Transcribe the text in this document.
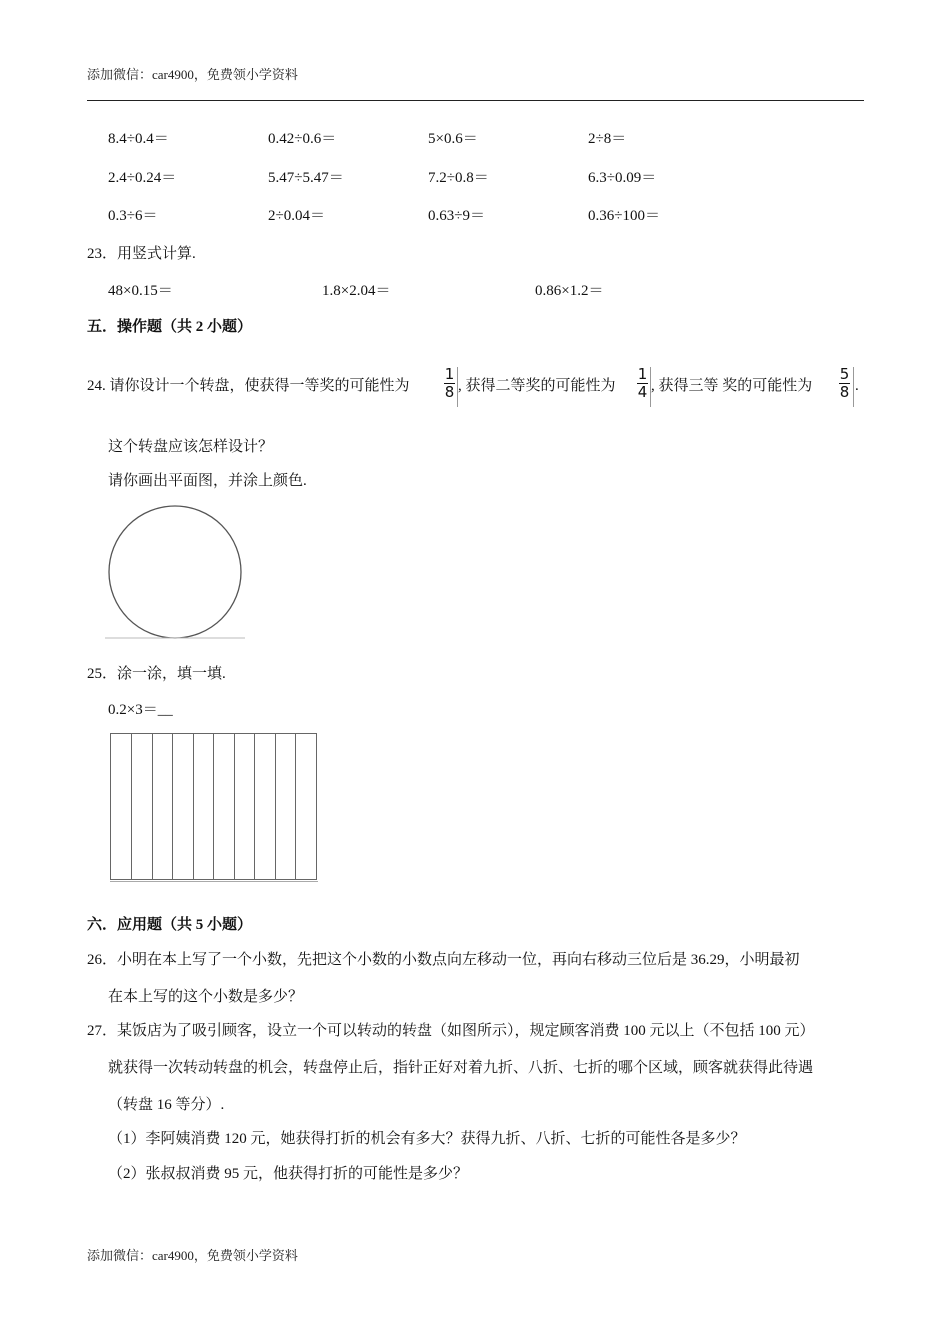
添加微信：car4900，免费领小学资料
8.4÷0.4＝	0.42÷0.6＝	5×0.6＝	2÷8＝
2.4÷0.24＝	5.47÷5.47＝	7.2÷0.8＝	6.3÷0.09＝
0.3÷6＝	2÷0.04＝	0.63÷9＝	0.36÷100＝
23．用竖式计算.
48×0.15＝	1.8×2.04＝	0.86×1.2＝
五．操作题（共 2 小题）
24. 请你设计一个转盘，使获得一等奖的可能性为
1
8 , 获得二等奖的可能性为
1
4 , 获得三等 奖的可能性为
5
8 .
这个转盘应该怎样设计？
请你画出平面图，并涂上颜色.
25．涂一涂，填一填.
0.2×3＝__
六．应用题（共 5 小题）
26．小明在本上写了一个小数，先把这个小数的小数点向左移动一位，再向右移动三位后是 36.29，小明最初
在本上写的这个小数是多少？
27．某饭店为了吸引顾客，设立一个可以转动的转盘（如图所示），规定顾客消费 100 元以上（不包括 100 元）
就获得一次转动转盘的机会，转盘停止后，指针正好对着九折、八折、七折的哪个区域，顾客就获得此待遇
（转盘 16 等分）.
（1）李阿姨消费 120 元，她获得打折的机会有多大？获得九折、八折、七折的可能性各是多少？
（2）张叔叔消费 95 元，他获得打折的可能性是多少？
添加微信：car4900，免费领小学资料
